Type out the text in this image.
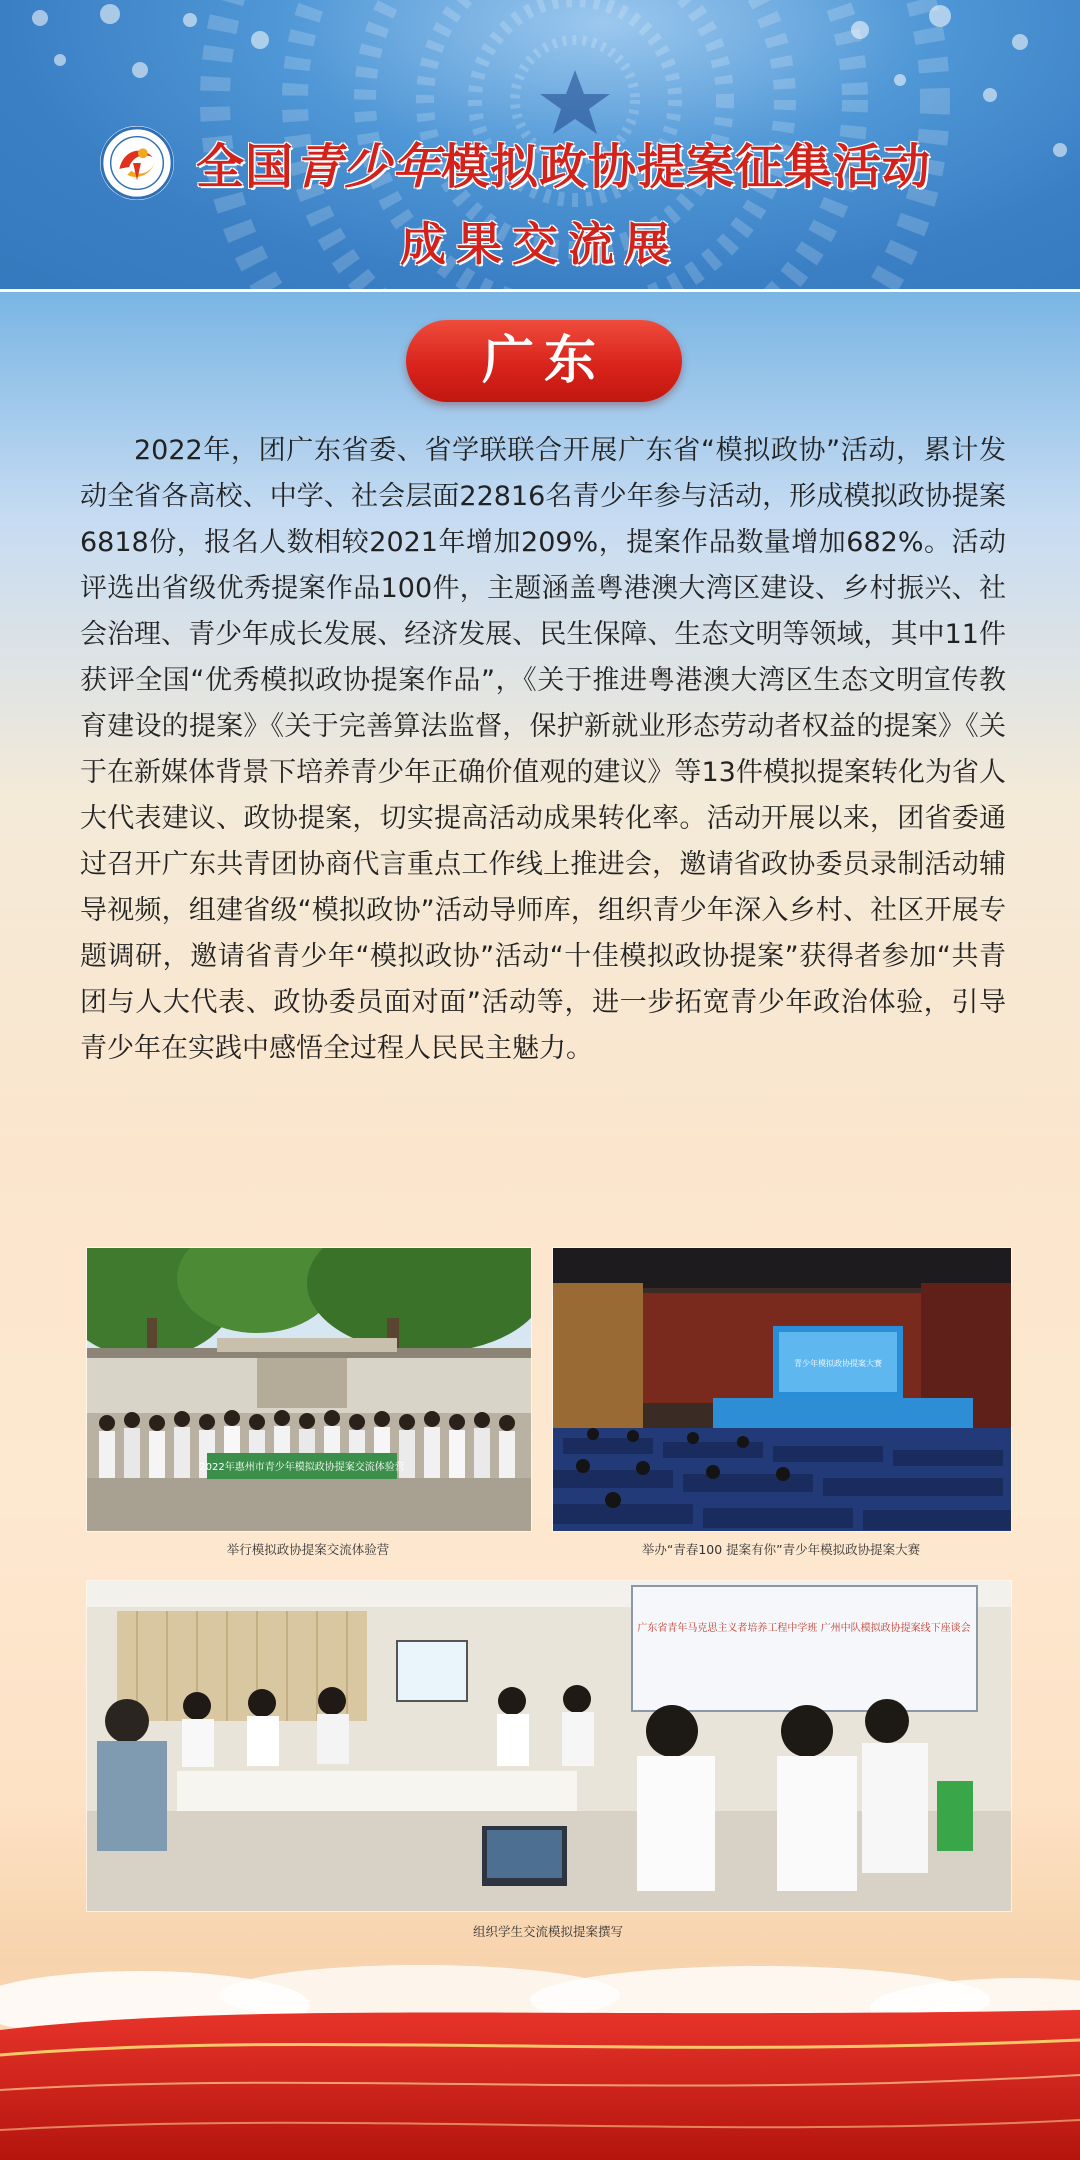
全国青少年模拟政协提案征集活动
成果交流展
广东

2022年，团广东省委、省学联联合开展广东省“模拟政协”活动，累计发动全省各高校、中学、社会层面22816名青少年参与活动，形成模拟政协提案6818份，报名人数相较2021年增加209%，提案作品数量增加682%。活动评选出省级优秀提案作品100件，主题涵盖粤港澳大湾区建设、乡村振兴、社会治理、青少年成长发展、经济发展、民生保障、生态文明等领域，其中11件获评全国“优秀模拟政协提案作品”，《关于推进粤港澳大湾区生态文明宣传教育建设的提案》《关于完善算法监督，保护新就业形态劳动者权益的提案》《关于在新媒体背景下培养青少年正确价值观的建议》等13件模拟提案转化为省人大代表建议、政协提案，切实提高活动成果转化率。活动开展以来，团省委通过召开广东共青团协商代言重点工作线上推进会，邀请省政协委员录制活动辅导视频，组建省级“模拟政协”活动导师库，组织青少年深入乡村、社区开展专题调研，邀请省青少年“模拟政协”活动“十佳模拟政协提案”获得者参加“共青团与人大代表、政协委员面对面”活动等，进一步拓宽青少年政治体验，引导青少年在实践中感悟全过程人民民主魅力。

2022年惠州市青少年模拟政协提案交流体验营
举行模拟政协提案交流体验营
青少年模拟政协提案大赛
举办“青春100 提案有你”青少年模拟政协提案大赛
广东省青年马克思主义者培养工程中学班 广州中队模拟政协提案线下座谈会
组织学生交流模拟提案撰写
